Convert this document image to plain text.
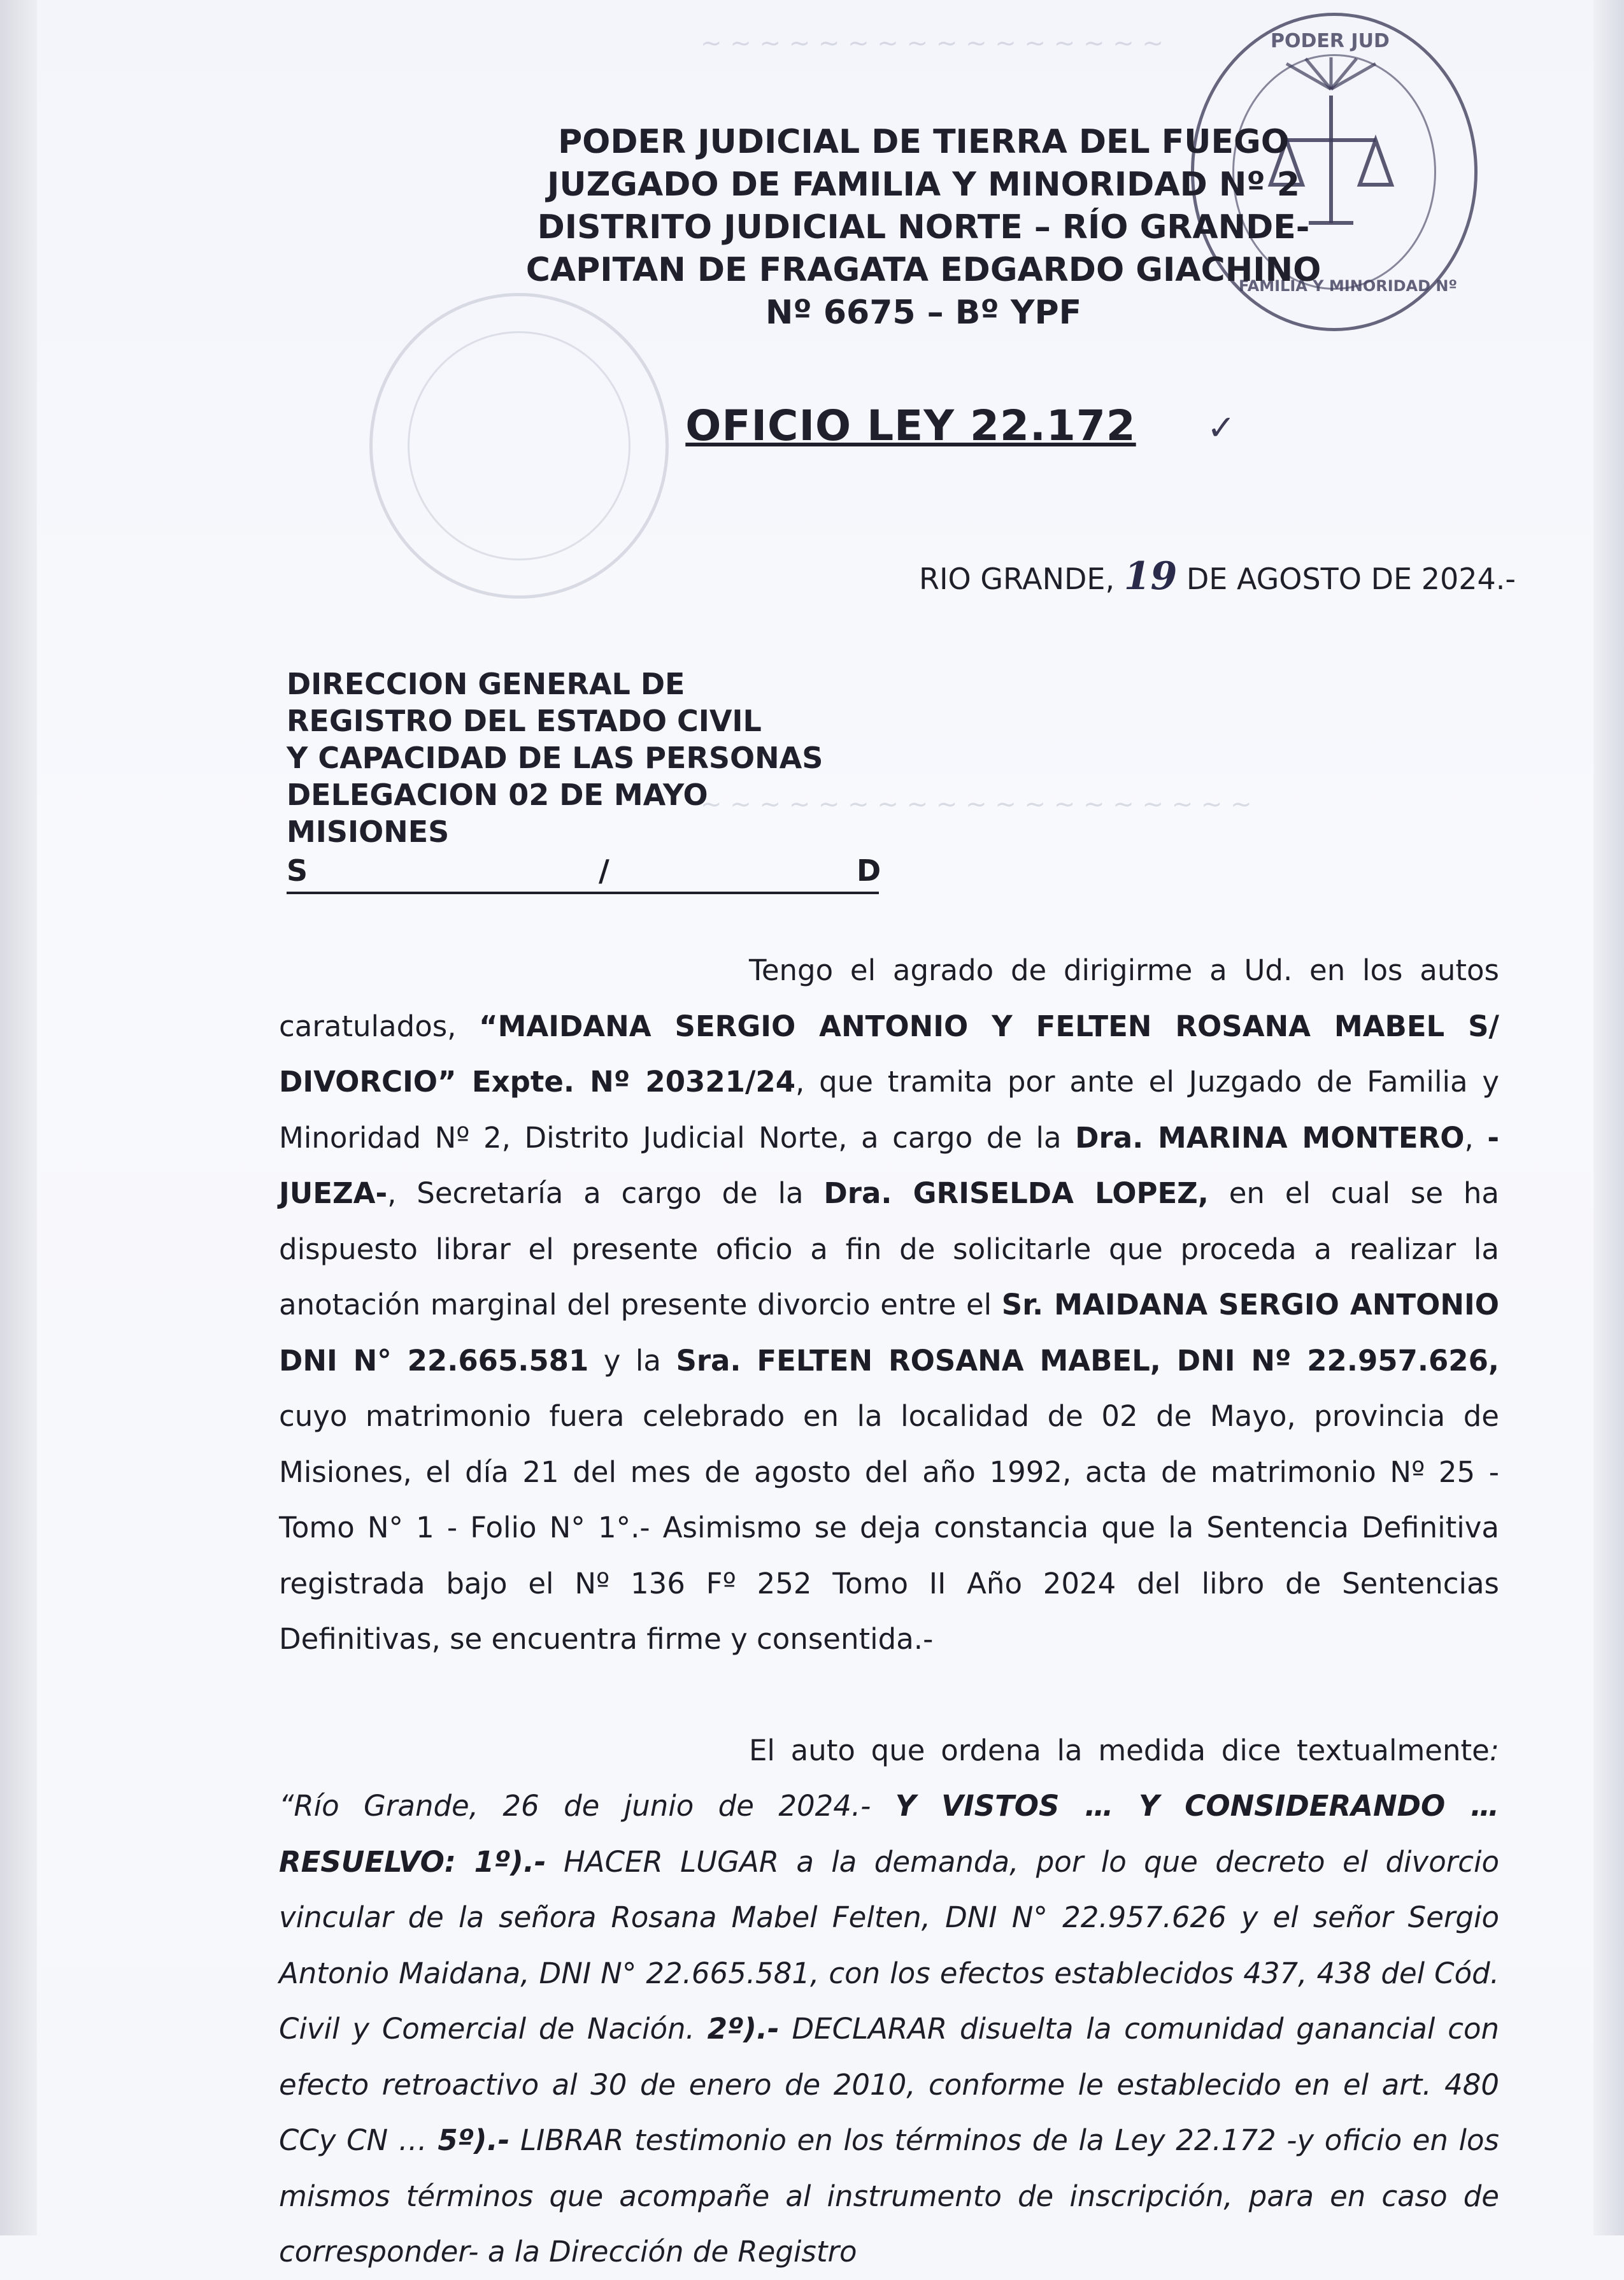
~ ~ ~ ~ ~ ~ ~ ~ ~ ~ ~ ~ ~ ~ ~ ~
~ ~ ~ ~ ~ ~ ~ ~ ~ ~ ~ ~ ~ ~ ~ ~ ~ ~ ~
PODER JUD
FAMILIA Y MINORIDAD Nº
PODER JUDICIAL DE TIERRA DEL FUEGO
JUZGADO DE FAMILIA Y MINORIDAD Nº 2
DISTRITO JUDICIAL NORTE – RÍO GRANDE-
CAPITAN DE FRAGATA EDGARDO GIACHINO
Nº 6675 – Bº YPF
OFICIO LEY 22.172	✓
RIO GRANDE, 19 DE AGOSTO DE 2024.-
DIRECCION GENERAL DE
REGISTRO DEL ESTADO CIVIL
Y CAPACIDAD DE LAS PERSONAS
DELEGACION 02 DE MAYO
MISIONES
S	/	D

Tengo el agrado de dirigirme a Ud. en los autos caratulados, “MAIDANA SERGIO ANTONIO Y FELTEN ROSANA MABEL S/ DIVORCIO” Expte. Nº 20321/24, que tramita por ante el Juzgado de Familia y Minoridad Nº 2, Distrito Judicial Norte, a cargo de la Dra. MARINA MONTERO, -JUEZA-, Secretaría a cargo de la Dra. GRISELDA LOPEZ, en el cual se ha dispuesto librar el presente oficio a fin de solicitarle que proceda a realizar la anotación marginal del presente divorcio entre el Sr. MAIDANA SERGIO ANTONIO DNI N° 22.665.581 y la Sra. FELTEN ROSANA MABEL, DNI Nº 22.957.626, cuyo matrimonio fuera celebrado en la localidad de 02 de Mayo, provincia de Misiones, el día 21 del mes de agosto del año 1992, acta de matrimonio Nº 25 - Tomo N° 1 - Folio N° 1°.- Asimismo se deja constancia que la Sentencia Definitiva registrada bajo el Nº 136 Fº 252 Tomo II Año 2024 del libro de Sentencias Definitivas, se encuentra firme y consentida.-

El auto que ordena la medida dice textualmente: “Río Grande, 26 de junio de 2024.- Y VISTOS … Y CONSIDERANDO … RESUELVO: 1º).- HACER LUGAR a la demanda, por lo que decreto el divorcio vincular de la señora Rosana Mabel Felten, DNI N° 22.957.626 y el señor Sergio Antonio Maidana, DNI N° 22.665.581, con los efectos establecidos 437, 438 del Cód. Civil y Comercial de Nación. 2º).- DECLARAR disuelta la comunidad ganancial con efecto retroactivo al 30 de enero de 2010, conforme le establecido en el art. 480 CCy CN … 5º).- LIBRAR testimonio en los términos de la Ley 22.172 -y oficio en los mismos términos que acompañe al instrumento de inscripción, para en caso de corresponder- a la Dirección de Registro
